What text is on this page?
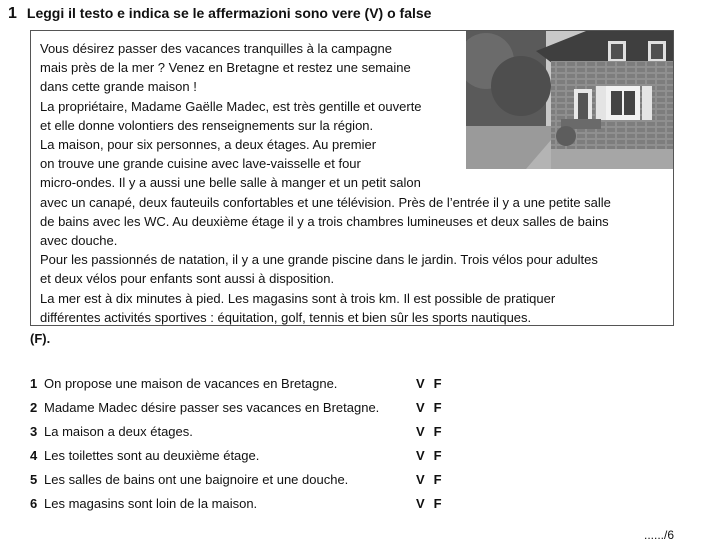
1 Leggi il testo e indica se le affermazioni sono vere (V) o false
Vous désirez passer des vacances tranquilles à la campagne
mais près de la mer ? Venez en Bretagne et restez une semaine
dans cette grande maison !
La propriétaire, Madame Gaëlle Madec, est très gentille et ouverte
et elle donne volontiers des renseignements sur la région.
La maison, pour six personnes, a deux étages. Au premier
on trouve une grande cuisine avec lave-vaisselle et four
micro-ondes. Il y a aussi une belle salle à manger et un petit salon
avec un canapé, deux fauteuils confortables et une télévision. Près de l’entrée il y a une petite salle
de bains avec les WC. Au deuxième étage il y a trois chambres lumineuses et deux salles de bains
avec douche.
Pour les passionnés de natation, il y a une grande piscine dans le jardin. Trois vélos pour adultes
et deux vélos pour enfants sont aussi à disposition.
La mer est à dix minutes à pied. Les magasins sont à trois km. Il est possible de pratiquer
différentes activités sportives : équitation, golf, tennis et bien sûr les sports nautiques.
(F).
1 On propose une maison de vacances en Bretagne.	V F
2 Madame Madec désire passer ses vacances en Bretagne.	V F
3 La maison a deux étages.	V F
4 Les toilettes sont au deuxième étage.	V F
5 Les salles de bains ont une baignoire et une douche.	V F
6 Les magasins sont loin de la maison.	V F
....../6
